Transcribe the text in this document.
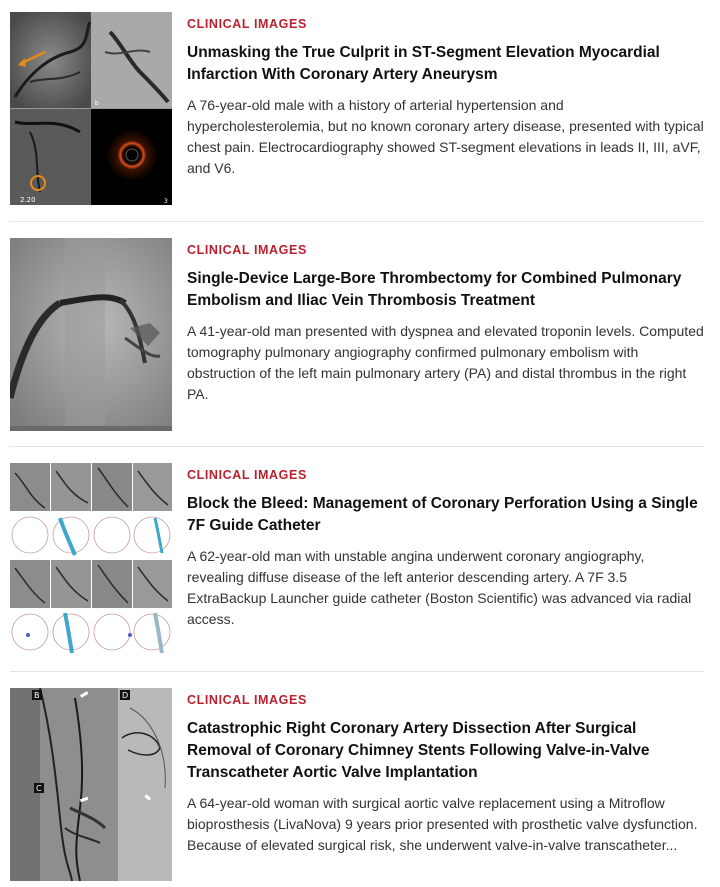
b
2.20	3
CLINICAL IMAGES
Unmasking the True Culprit in ST-Segment Elevation Myocardial Infarction With Coronary Artery Aneurysm
A 76-year-old male with a history of arterial hypertension and hypercholesterolemia, but no known coronary artery disease, presented with typical chest pain. Electrocardiography showed ST-segment elevations in leads II, III, aVF, and V6.
CLINICAL IMAGES
Single-Device Large-Bore Thrombectomy for Combined Pulmonary Embolism and Iliac Vein Thrombosis Treatment
A 41-year-old man presented with dyspnea and elevated troponin levels. Computed tomography pulmonary angiography confirmed pulmonary embolism with obstruction of the left main pulmonary artery (PA) and distal thrombus in the right PA.
CLINICAL IMAGES
Block the Bleed: Management of Coronary Perforation Using a Single 7F Guide Catheter
A 62-year-old man with unstable angina underwent coronary angiography, revealing diffuse disease of the left anterior descending artery. A 7F 3.5 ExtraBackup Launcher guide catheter (Boston Scientific) was advanced via radial access.
B	D
C
CLINICAL IMAGES
Catastrophic Right Coronary Artery Dissection After Surgical Removal of Coronary Chimney Stents Following Valve-in-Valve Transcatheter Aortic Valve Implantation
A 64-year-old woman with surgical aortic valve replacement using a Mitroflow bioprosthesis (LivaNova) 9 years prior presented with prosthetic valve dysfunction. Because of elevated surgical risk, she underwent valve-in-valve transcatheter...
